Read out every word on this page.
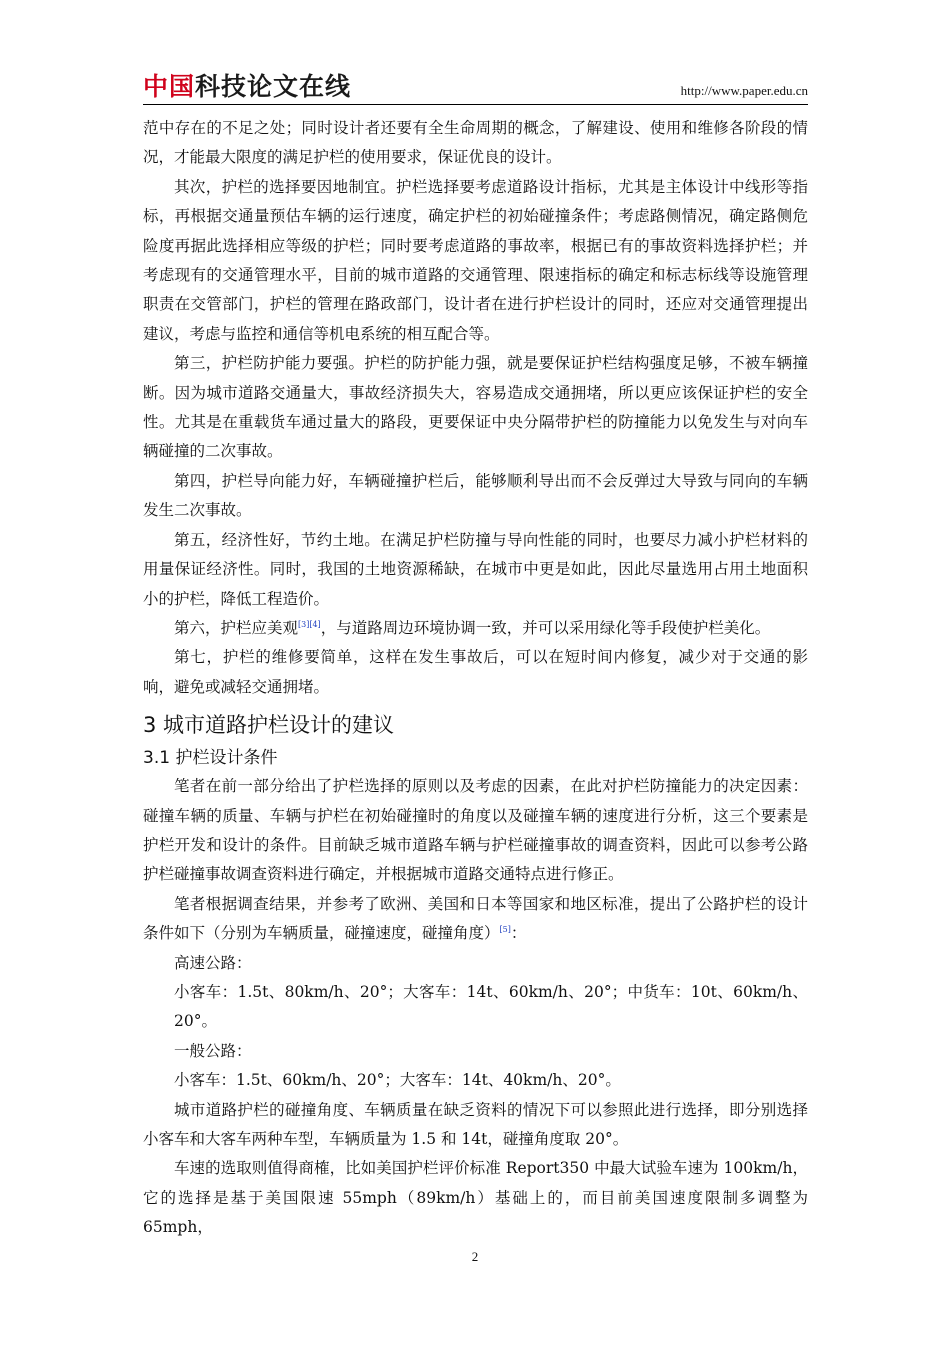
中国科技论文在线	http://www.paper.edu.cn

范中存在的不足之处；同时设计者还要有全生命周期的概念，了解建设、使用和维修各阶段的情况，才能最大限度的满足护栏的使用要求，保证优良的设计。

其次，护栏的选择要因地制宜。护栏选择要考虑道路设计指标，尤其是主体设计中线形等指标，再根据交通量预估车辆的运行速度，确定护栏的初始碰撞条件；考虑路侧情况，确定路侧危险度再据此选择相应等级的护栏；同时要考虑道路的事故率，根据已有的事故资料选择护栏；并考虑现有的交通管理水平，目前的城市道路的交通管理、限速指标的确定和标志标线等设施管理职责在交管部门，护栏的管理在路政部门，设计者在进行护栏设计的同时，还应对交通管理提出建议，考虑与监控和通信等机电系统的相互配合等。

第三，护栏防护能力要强。护栏的防护能力强，就是要保证护栏结构强度足够，不被车辆撞断。因为城市道路交通量大，事故经济损失大，容易造成交通拥堵，所以更应该保证护栏的安全性。尤其是在重载货车通过量大的路段，更要保证中央分隔带护栏的防撞能力以免发生与对向车辆碰撞的二次事故。

第四，护栏导向能力好，车辆碰撞护栏后，能够顺利导出而不会反弹过大导致与同向的车辆发生二次事故。

第五，经济性好，节约土地。在满足护栏防撞与导向性能的同时，也要尽力减小护栏材料的用量保证经济性。同时，我国的土地资源稀缺，在城市中更是如此，因此尽量选用占用土地面积小的护栏，降低工程造价。

第六，护栏应美观[3][4]，与道路周边环境协调一致，并可以采用绿化等手段使护栏美化。

第七，护栏的维修要简单，这样在发生事故后，可以在短时间内修复，减少对于交通的影响，避免或减轻交通拥堵。

3 城市道路护栏设计的建议
3.1 护栏设计条件

笔者在前一部分给出了护栏选择的原则以及考虑的因素，在此对护栏防撞能力的决定因素：碰撞车辆的质量、车辆与护栏在初始碰撞时的角度以及碰撞车辆的速度进行分析，这三个要素是护栏开发和设计的条件。目前缺乏城市道路车辆与护栏碰撞事故的调查资料，因此可以参考公路护栏碰撞事故调查资料进行确定，并根据城市道路交通特点进行修正。

笔者根据调查结果，并参考了欧洲、美国和日本等国家和地区标准，提出了公路护栏的设计条件如下（分别为车辆质量，碰撞速度，碰撞角度）[5]：

高速公路：

小客车：1.5t、80km/h、20°；大客车：14t、60km/h、20°；中货车：10t、60km/h、20°。

一般公路：

小客车：1.5t、60km/h、20°；大客车：14t、40km/h、20°。

城市道路护栏的碰撞角度、车辆质量在缺乏资料的情况下可以参照此进行选择，即分别选择小客车和大客车两种车型，车辆质量为 1.5 和 14t，碰撞角度取 20°。

车速的选取则值得商榷，比如美国护栏评价标准 Report350 中最大试验车速为 100km/h，它的选择是基于美国限速 55mph（89km/h）基础上的，而目前美国速度限制多调整为 65mph，

2
